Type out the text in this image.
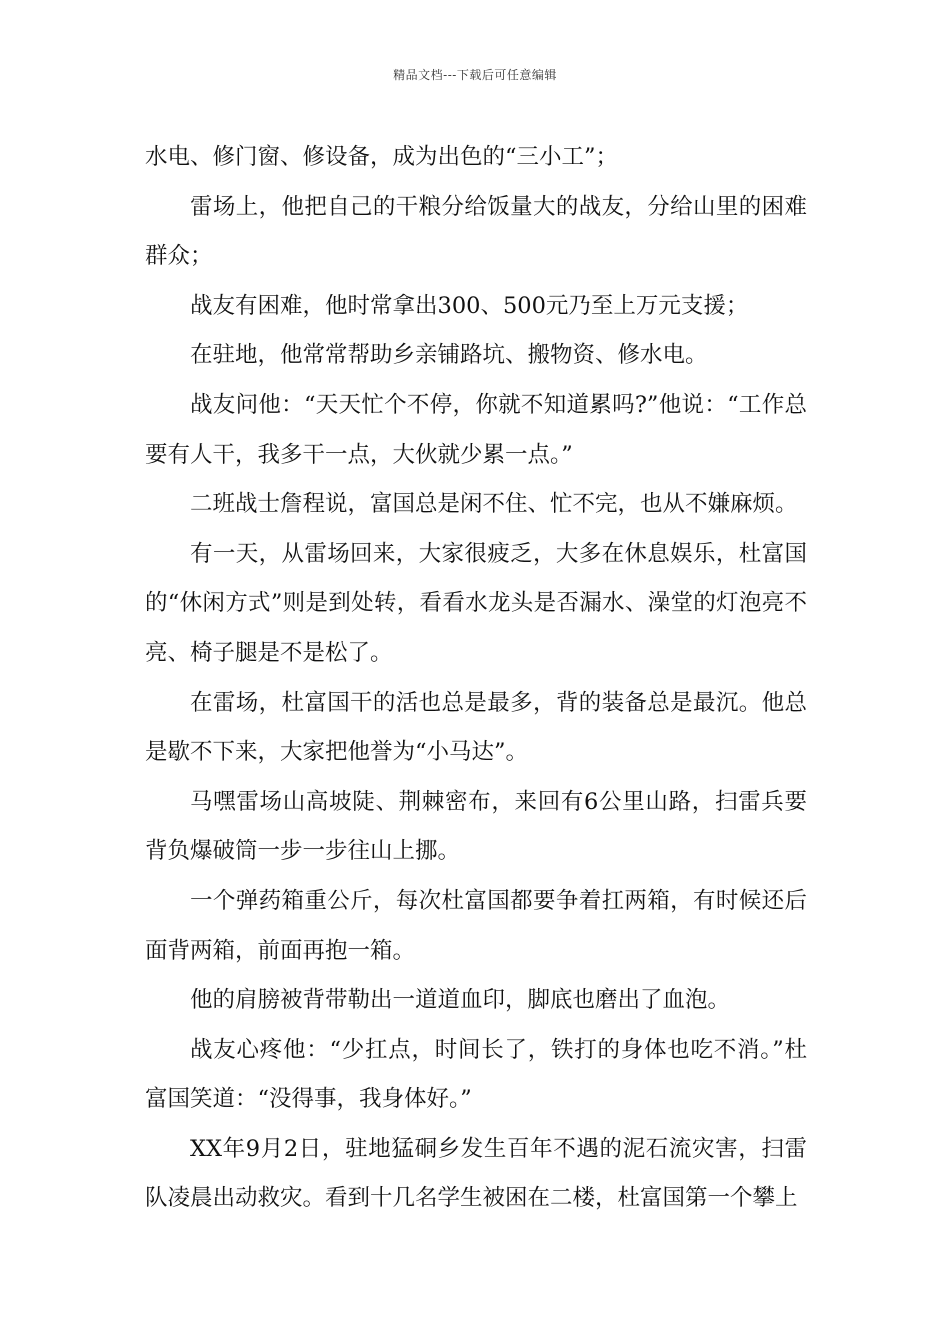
精品文档---下载后可任意编辑

水电、修门窗、修设备，成为出色的“三小工”；

雷场上，他把自己的干粮分给饭量大的战友，分给山里的困难群众；

战友有困难，他时常拿出300、500元乃至上万元支援；

在驻地，他常常帮助乡亲铺路坑、搬物资、修水电。

战友问他：“天天忙个不停，你就不知道累吗?”他说：“工作总要有人干，我多干一点，大伙就少累一点。”

二班战士詹程说，富国总是闲不住、忙不完，也从不嫌麻烦。

有一天，从雷场回来，大家很疲乏，大多在休息娱乐，杜富国的“休闲方式”则是到处转，看看水龙头是否漏水、澡堂的灯泡亮不亮、椅子腿是不是松了。

在雷场，杜富国干的活也总是最多，背的装备总是最沉。他总是歇不下来，大家把他誉为“小马达”。

马嘿雷场山高坡陡、荆棘密布，来回有6公里山路，扫雷兵要背负爆破筒一步一步往山上挪。

一个弹药箱重公斤，每次杜富国都要争着扛两箱，有时候还后面背两箱，前面再抱一箱。

他的肩膀被背带勒出一道道血印，脚底也磨出了血泡。

战友心疼他：“少扛点，时间长了，铁打的身体也吃不消。”杜富国笑道：“没得事，我身体好。”

XX年9月2日，驻地猛硐乡发生百年不遇的泥石流灾害，扫雷队凌晨出动救灾。看到十几名学生被困在二楼，杜富国第一个攀上
